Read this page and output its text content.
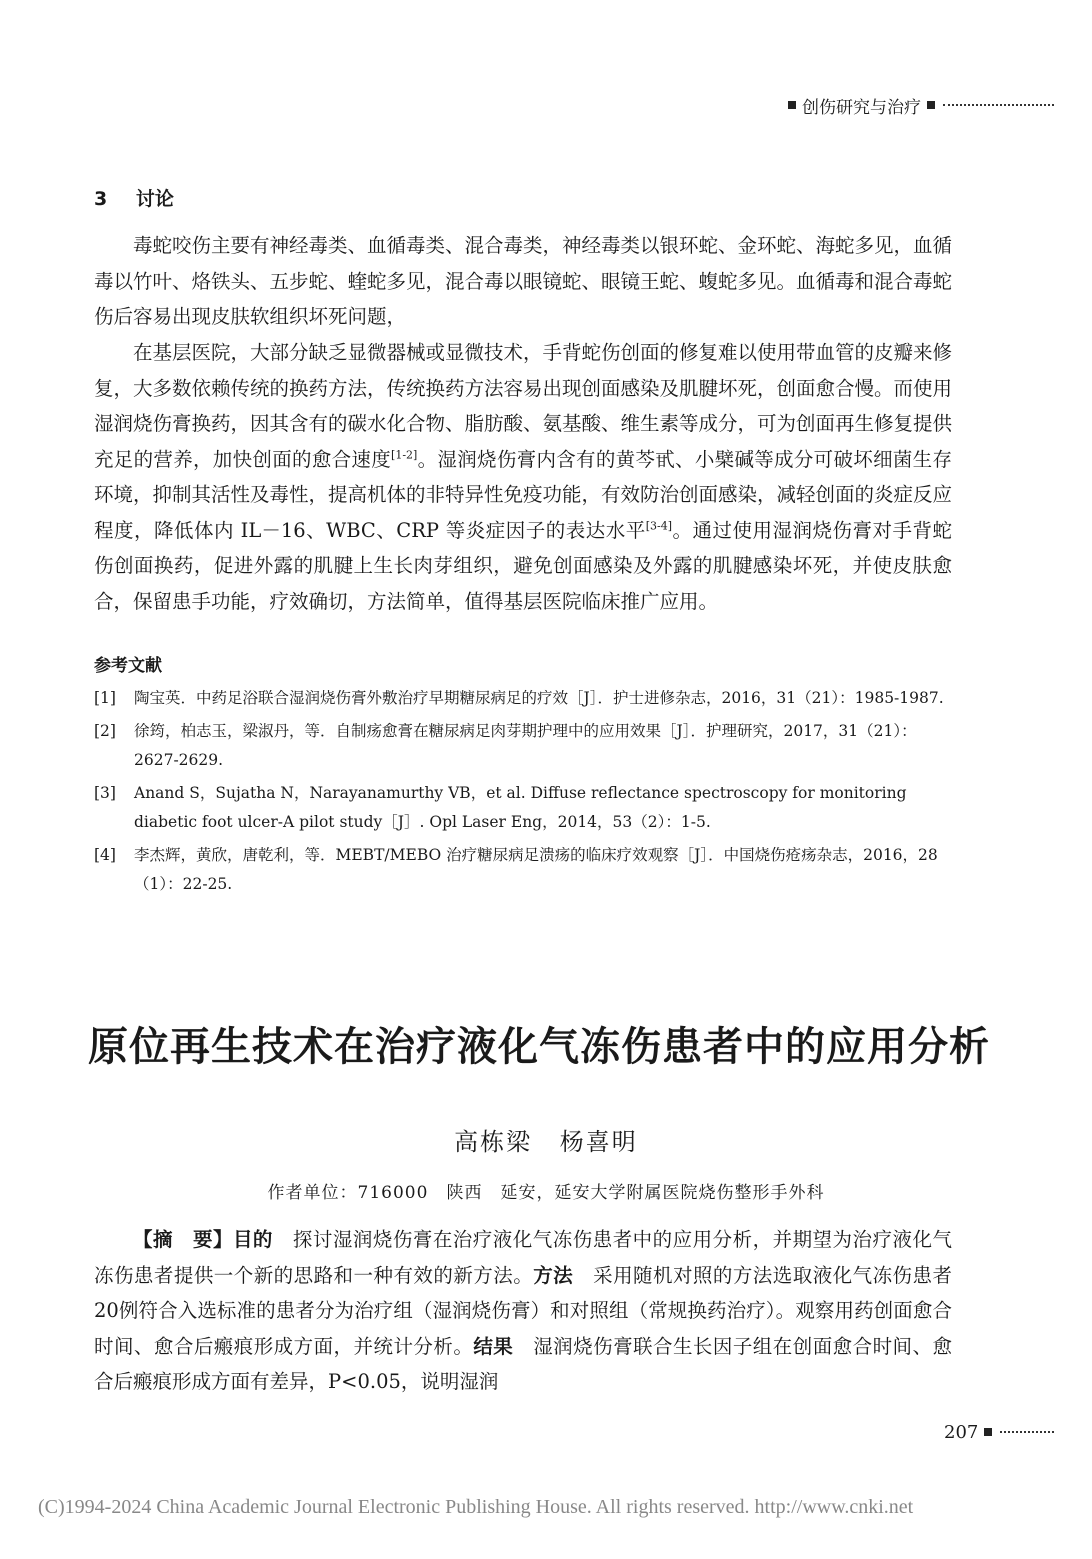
创伤研究与治疗
3 讨论
毒蛇咬伤主要有神经毒类、血循毒类、混合毒类，神经毒类以银环蛇、金环蛇、海蛇多见，血循毒以竹叶、烙铁头、五步蛇、蝰蛇多见，混合毒以眼镜蛇、眼镜王蛇、蝮蛇多见。血循毒和混合毒蛇伤后容易出现皮肤软组织坏死问题，
在基层医院，大部分缺乏显微器械或显微技术，手背蛇伤创面的修复难以使用带血管的皮瓣来修复，大多数依赖传统的换药方法，传统换药方法容易出现创面感染及肌腱坏死，创面愈合慢。而使用湿润烧伤膏换药，因其含有的碳水化合物、脂肪酸、氨基酸、维生素等成分，可为创面再生修复提供充足的营养，加快创面的愈合速度[1-2]。湿润烧伤膏内含有的黄芩甙、小檗碱等成分可破坏细菌生存环境，抑制其活性及毒性，提高机体的非特异性免疫功能，有效防治创面感染，减轻创面的炎症反应程度，降低体内 IL－16、WBC、CRP 等炎症因子的表达水平[3-4]。通过使用湿润烧伤膏对手背蛇伤创面换药，促进外露的肌腱上生长肉芽组织，避免创面感染及外露的肌腱感染坏死，并使皮肤愈合，保留患手功能，疗效确切，方法简单，值得基层医院临床推广应用。
参考文献
[1]	陶宝英．中药足浴联合湿润烧伤膏外敷治疗早期糖尿病足的疗效［J］．护士进修杂志，2016，31（21）：1985-1987.
[2]	徐筠，柏志玉，梁淑丹，等．自制疡愈膏在糖尿病足肉芽期护理中的应用效果［J］．护理研究，2017，31（21）：2627-2629.
[3]	Anand S，Sujatha N，Narayanamurthy VB，et al. Diffuse reflectance spectroscopy for monitoring diabetic foot ulcer-A pilot study［J］. Opl Laser Eng，2014，53（2）：1-5.
[4]	李杰辉，黄欣，唐乾利，等．MEBT/MEBO 治疗糖尿病足溃疡的临床疗效观察［J］．中国烧伤疮疡杂志，2016，28（1）：22-25.
原位再生技术在治疗液化气冻伤患者中的应用分析
高栋梁 杨喜明
作者单位：716000　陕西　延安，延安大学附属医院烧伤整形手外科
【摘　要】目的　探讨湿润烧伤膏在治疗液化气冻伤患者中的应用分析，并期望为治疗液化气冻伤患者提供一个新的思路和一种有效的新方法。方法　采用随机对照的方法选取液化气冻伤患者20例符合入选标准的患者分为治疗组（湿润烧伤膏）和对照组（常规换药治疗）。观察用药创面愈合时间、愈合后瘢痕形成方面，并统计分析。结果　湿润烧伤膏联合生长因子组在创面愈合时间、愈合后瘢痕形成方面有差异，P<0.05，说明湿润
207
(C)1994-2024 China Academic Journal Electronic Publishing House. All rights reserved. http://www.cnki.net
